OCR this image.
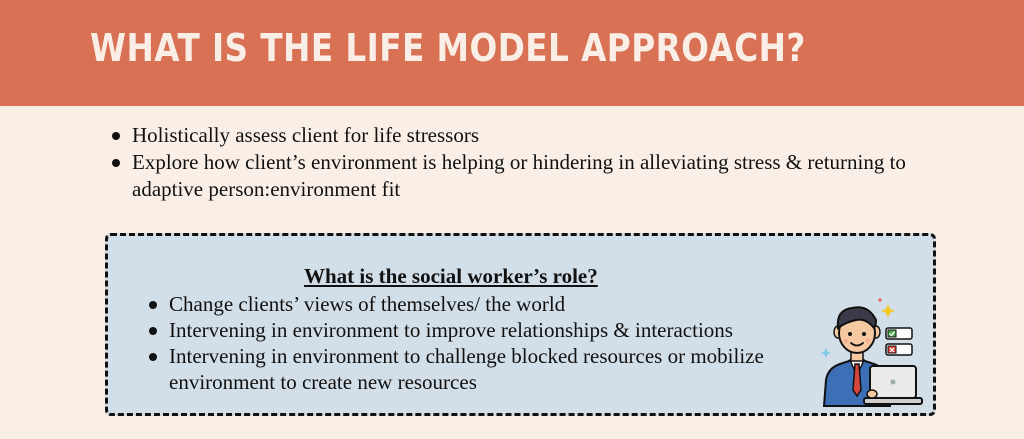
WHAT IS THE LIFE MODEL APPROACH?
Holistically assess client for life stressors
Explore how client’s environment is helping or hindering in alleviating stress & returning to adaptive person:environment fit
What is the social worker’s role?
Change clients’ views of themselves/ the world
Intervening in environment to improve relationships & interactions
Intervening in environment to challenge blocked resources or mobilize environment to create new resources
